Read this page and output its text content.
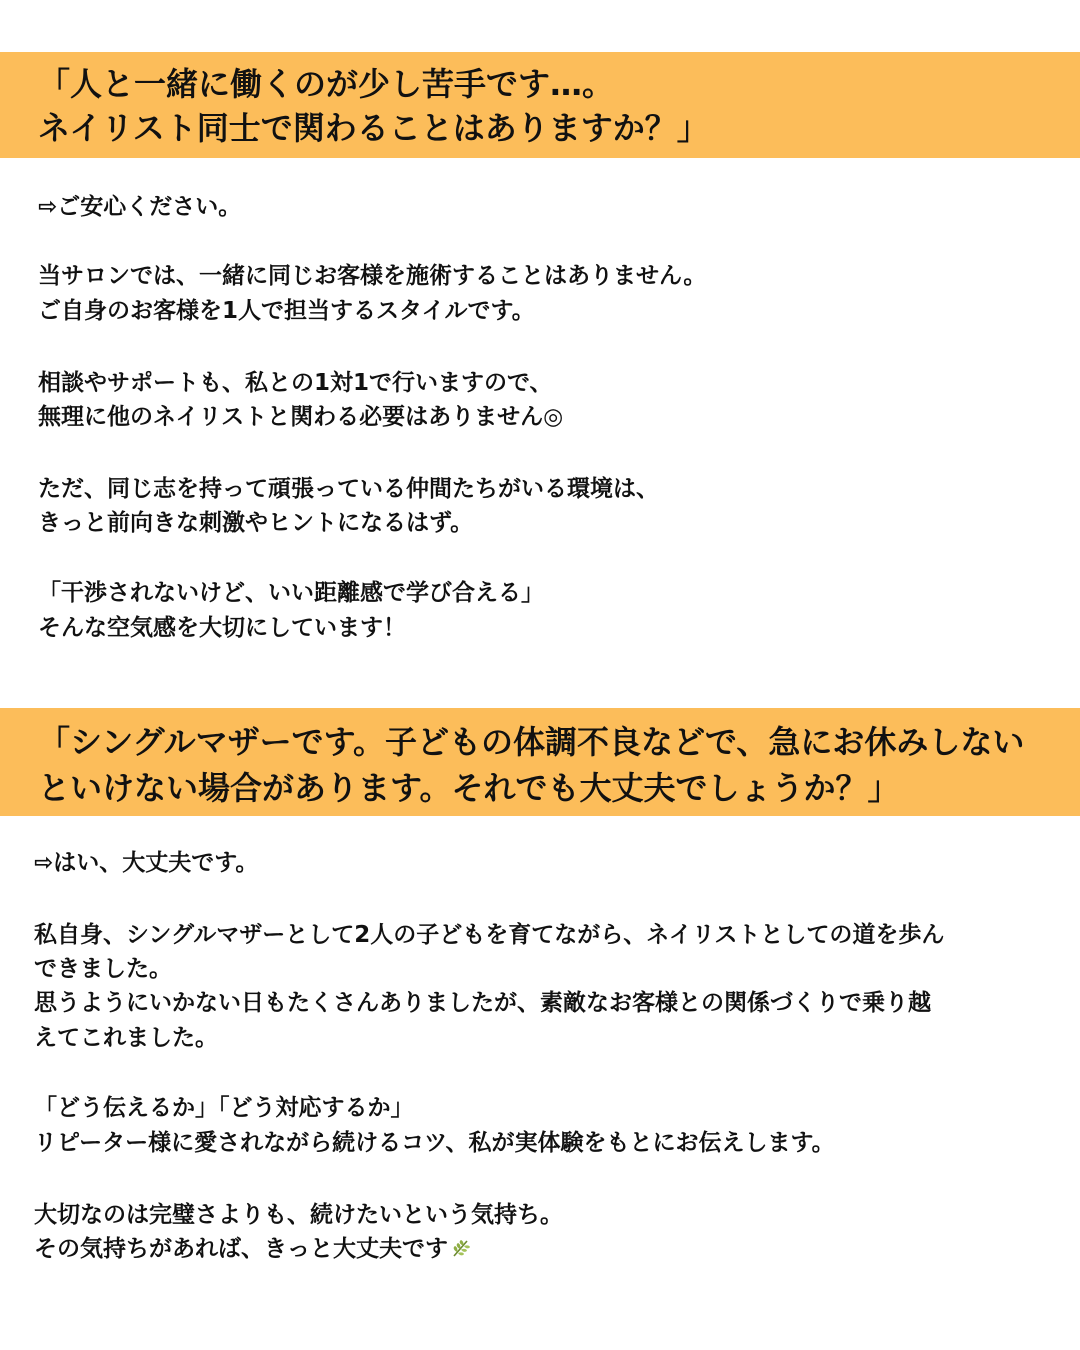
「人と一緒に働くのが少し苦手です…。
ネイリスト同士で関わることはありますか？」
⇨ご安心ください。
当サロンでは、一緒に同じお客様を施術することはありません。
ご自身のお客様を1人で担当するスタイルです。
相談やサポートも、私との1対1で行いますので、
無理に他のネイリストと関わる必要はありません◎
ただ、同じ志を持って頑張っている仲間たちがいる環境は、
きっと前向きな刺激やヒントになるはず。
「干渉されないけど、いい距離感で学び合える」
そんな空気感を大切にしています！
「シングルマザーです。子どもの体調不良などで、急にお休みしない
といけない場合があります。それでも大丈夫でしょうか？」
⇨はい、大丈夫です。
私自身、シングルマザーとして2人の子どもを育てながら、ネイリストとしての道を歩ん
できました。
思うようにいかない日もたくさんありましたが、素敵なお客様との関係づくりで乗り越
えてこれました。
「どう伝えるか」「どう対応するか」
リピーター様に愛されながら続けるコツ、私が実体験をもとにお伝えします。
大切なのは完璧さよりも、続けたいという気持ち。
その気持ちがあれば、きっと大丈夫です
